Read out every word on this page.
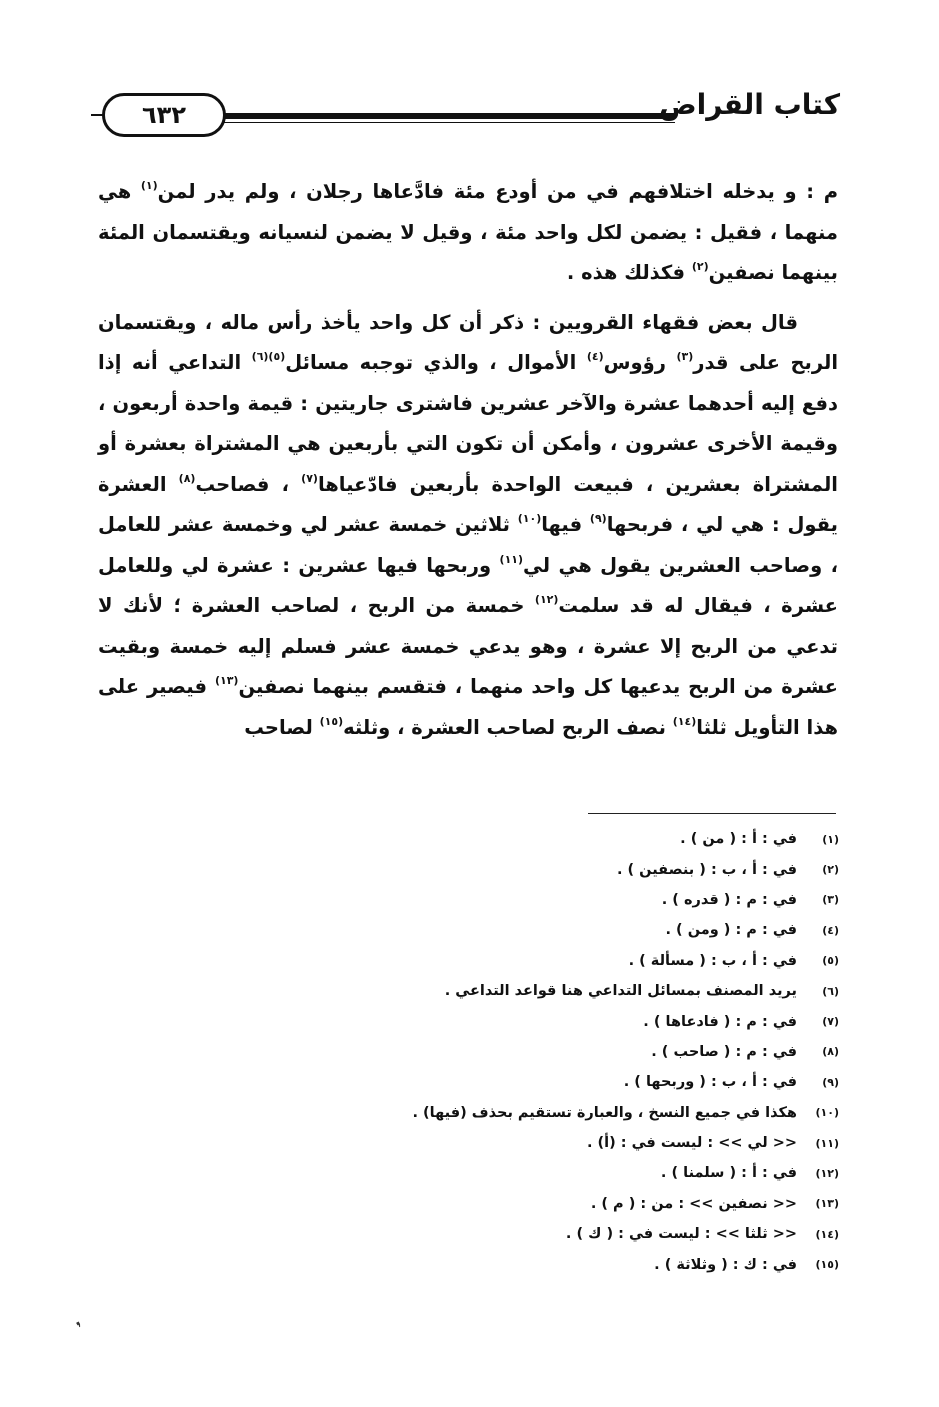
كتاب القراض
٦٣٢

م : و يدخله اختلافهم في من أودع مئة فادَّعاها رجلان ، ولم يدر لمن$^{(١)}$ هي منهما ، فقيل : يضمن لكل واحد مئة ، وقيل لا يضمن لنسيانه ويقتسمان المئة بينهما نصفين$^{(٢)}$ فكذلك هذه .

قال بعض فقهاء القرويين : ذكر أن كل واحد يأخذ رأس ماله ، ويقتسمان الربح على قدر$^{(٣)}$ رؤوس$^{(٤)}$ الأموال ، والذي توجبه مسائل$^{(٥)(٦)}$ التداعي أنه إذا دفع إليه أحدهما عشرة والآخر عشرين فاشترى جاريتين : قيمة واحدة أربعون ، وقيمة الأخرى عشرون ، وأمكن أن تكون التي بأربعين هي المشتراة بعشرة أو المشتراة بعشرين ، فبيعت الواحدة بأربعين فادّعياها$^{(٧)}$ ، فصاحب$^{(٨)}$ العشرة يقول : هي لي ، فربحها$^{(٩)}$ فيها$^{(١٠)}$ ثلاثين خمسة عشر لي وخمسة عشر للعامل ، وصاحب العشرين يقول هي لي$^{(١١)}$ وربحها فيها عشرين : عشرة لي وللعامل عشرة ، فيقال له قد سلمت$^{(١٢)}$ خمسة من الربح ، لصاحب العشرة ؛ لأنك لا تدعي من الربح إلا عشرة ، وهو يدعي خمسة عشر فسلم إليه خمسة وبقيت عشرة من الربح يدعيها كل واحد منهما ، فتقسم بينهما نصفين$^{(١٣)}$ فيصير على هذا التأويل ثلثا$^{(١٤)}$ نصف الربح لصاحب العشرة ، وثلثه$^{(١٥)}$ لصاحب

(١)
في : أ : ( من ) .
(٢)
في : أ ، ب : ( بنصفين ) .
(٣)
في : م : ( قدره ) .
(٤)
في : م : ( ومن ) .
(٥)
في : أ ، ب : ( مسألة ) .
(٦)
يريد المصنف بمسائل التداعي هنا قواعد التداعي .
(٧)
في : م : ( فادعاها ) .
(٨)
في : م : ( صاحب ) .
(٩)
في : أ ، ب : ( وربحها ) .
(١٠)
هكذا في جميع النسخ ، والعبارة تستقيم بحذف (فيها) .
(١١)
<< لي >> : ليست في : (أ) .
(١٢)
في : أ : ( سلمنا ) .
(١٣)
<< نصفين >> : من : ( م ) .
(١٤)
<< ثلثا >> : ليست في : ( ك ) .
(١٥)
في : ك : ( وثلاثة ) .
❜
